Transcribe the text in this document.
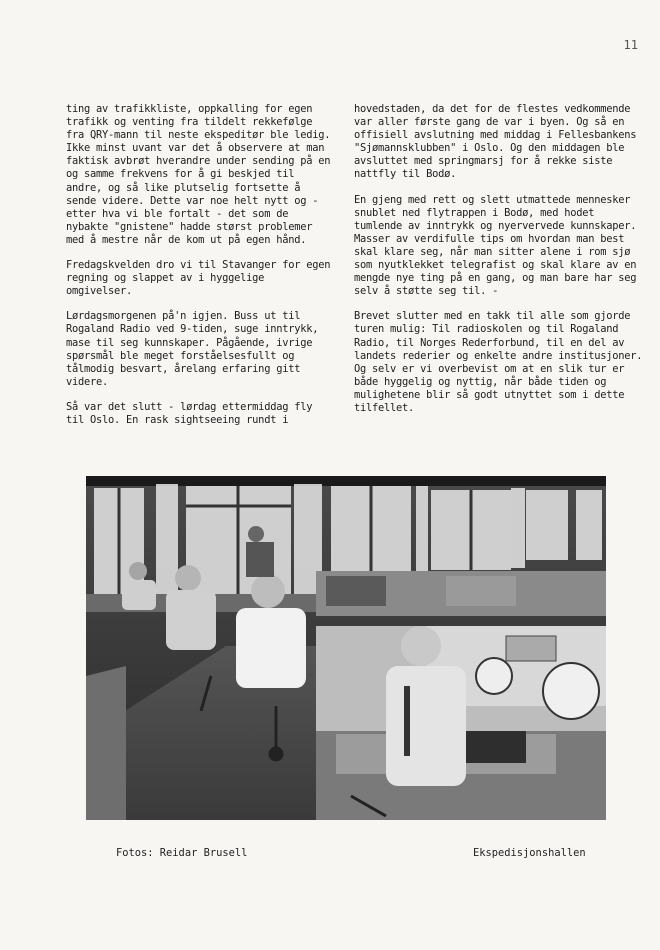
11

ting av trafikkliste, oppkalling for egen trafikk og venting fra tildelt rekkefølge fra QRY-mann til neste ekspeditør ble ledig. Ikke minst uvant var det å observere at man faktisk avbrøt hverandre under sending på en og samme frekvens for å gi beskjed til andre, og så like plutselig fortsette å sende videre. Dette var noe helt nytt og - etter hva vi ble fortalt - det som de nybakte "gnistene" hadde størst problemer med å mestre når de kom ut på egen hånd.

Fredagskvelden dro vi til Stavanger for egen regning og slappet av i hyggelige omgivelser.

Lørdagsmorgenen på'n igjen. Buss ut til Rogaland Radio ved 9-tiden, suge inntrykk, mase til seg kunnskaper. Pågående, ivrige spørsmål ble meget forståelsesfullt og tålmodig besvart, årelang erfaring gitt videre.

Så var det slutt - lørdag ettermiddag fly til Oslo. En rask sightseeing rundt i

hovedstaden, da det for de flestes vedkommende var aller første gang de var i byen. Og så en offisiell avslutning med middag i Fellesbankens "Sjømannsklubben" i Oslo. Og den middagen ble avsluttet med springmarsj for å rekke siste nattfly til Bodø.

En gjeng med rett og slett utmattede mennesker snublet ned flytrappen i Bodø, med hodet tumlende av inntrykk og nyervervede kunnskaper. Masser av verdifulle tips om hvordan man best skal klare seg, når man sitter alene i rom sjø som nyutklekket telegrafist og skal klare av en mengde nye ting på en gang, og man bare har seg selv å støtte seg til. -

Brevet slutter med en takk til alle som gjorde turen mulig: Til radioskolen og til Rogaland Radio, til Norges Rederforbund, til en del av landets rederier og enkelte andre institusjoner. Og selv er vi overbevist om at en slik tur er både hyggelig og nyttig, når både tiden og mulighetene blir så godt utnyttet som i dette tilfellet.

Fotos: Reidar Brusell	Ekspedisjonshallen
